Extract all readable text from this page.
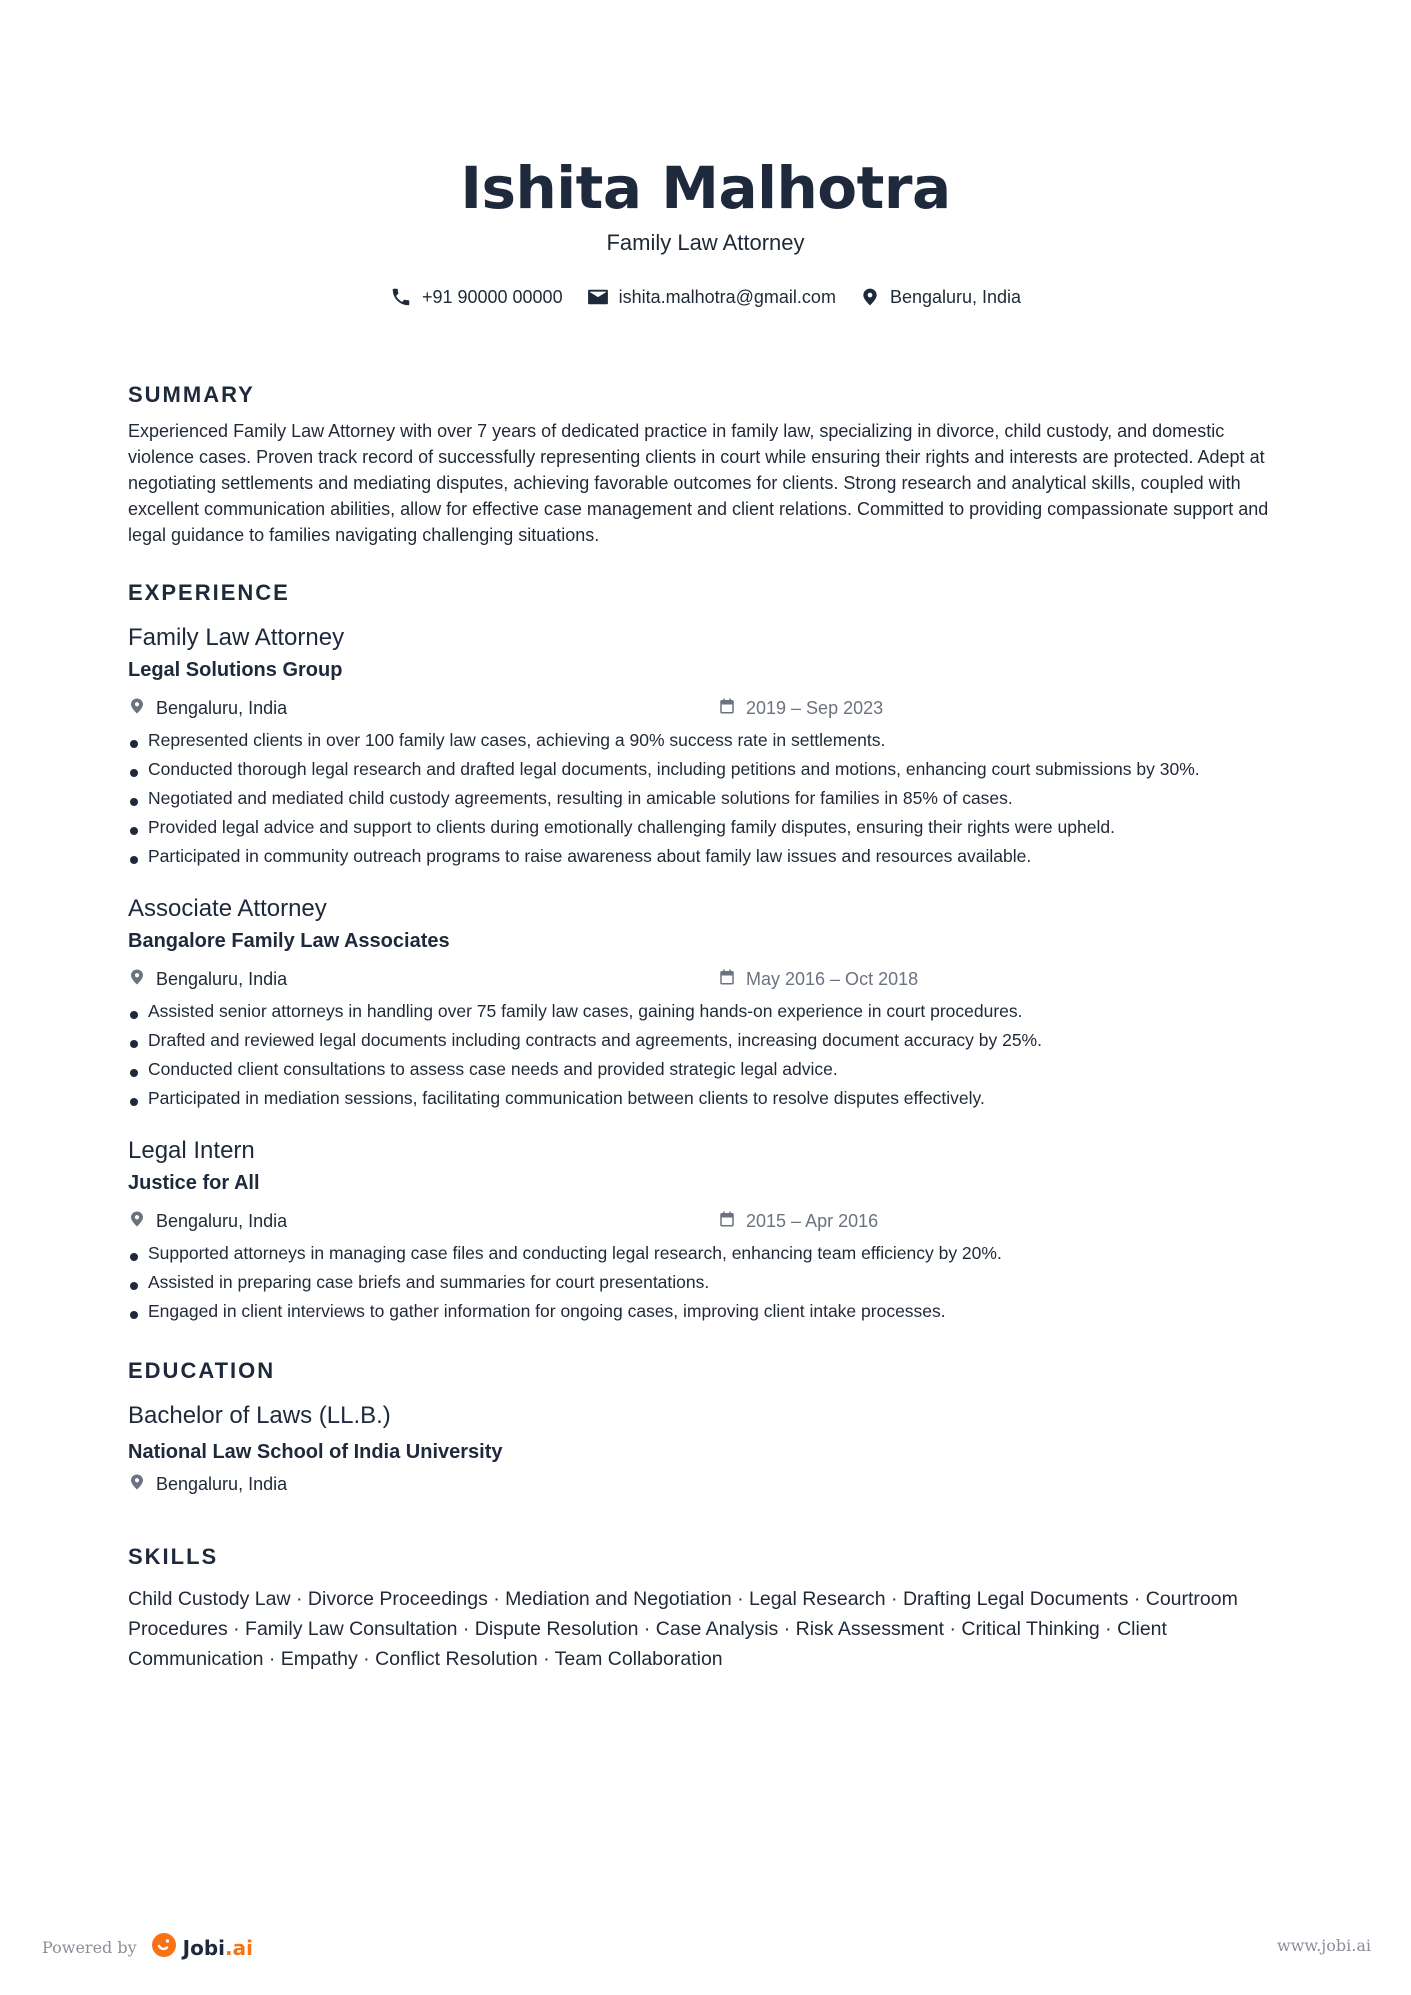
Ishita Malhotra
Family Law Attorney
+91 90000 00000	ishita.malhotra@gmail.com	Bengaluru, India
SUMMARY

Experienced Family Law Attorney with over 7 years of dedicated practice in family law, specializing in divorce, child custody, and domestic violence cases. Proven track record of successfully representing clients in court while ensuring their rights and interests are protected. Adept at negotiating settlements and mediating disputes, achieving favorable outcomes for clients. Strong research and analytical skills, coupled with excellent communication abilities, allow for effective case management and client relations. Committed to providing compassionate support and legal guidance to families navigating challenging situations.

EXPERIENCE
Family Law Attorney
Legal Solutions Group
Bengaluru, India	2019 – Sep 2023
Represented clients in over 100 family law cases, achieving a 90% success rate in settlements.
Conducted thorough legal research and drafted legal documents, including petitions and motions, enhancing court submissions by 30%.
Negotiated and mediated child custody agreements, resulting in amicable solutions for families in 85% of cases.
Provided legal advice and support to clients during emotionally challenging family disputes, ensuring their rights were upheld.
Participated in community outreach programs to raise awareness about family law issues and resources available.
Associate Attorney
Bangalore Family Law Associates
Bengaluru, India	May 2016 – Oct 2018
Assisted senior attorneys in handling over 75 family law cases, gaining hands-on experience in court procedures.
Drafted and reviewed legal documents including contracts and agreements, increasing document accuracy by 25%.
Conducted client consultations to assess case needs and provided strategic legal advice.
Participated in mediation sessions, facilitating communication between clients to resolve disputes effectively.
Legal Intern
Justice for All
Bengaluru, India	2015 – Apr 2016
Supported attorneys in managing case files and conducting legal research, enhancing team efficiency by 20%.
Assisted in preparing case briefs and summaries for court presentations.
Engaged in client interviews to gather information for ongoing cases, improving client intake processes.
EDUCATION
Bachelor of Laws (LL.B.)
National Law School of India University
Bengaluru, India
SKILLS

Child Custody Law · Divorce Proceedings · Mediation and Negotiation · Legal Research · Drafting Legal Documents · Courtroom Procedures · Family Law Consultation · Dispute Resolution · Case Analysis · Risk Assessment · Critical Thinking · Client Communication · Empathy · Conflict Resolution · Team Collaboration

Powered by Jobi.ai	www.jobi.ai
